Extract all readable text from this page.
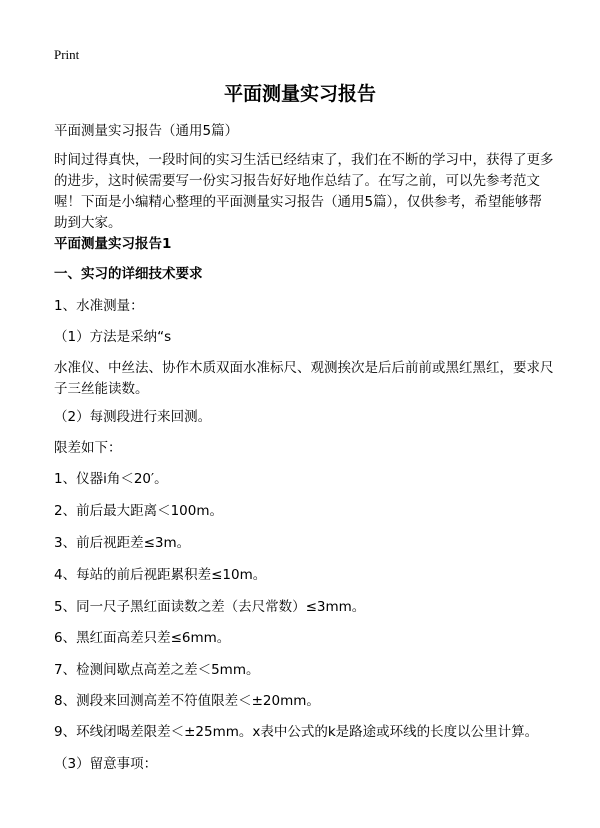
Print
平面测量实习报告
平面测量实习报告（通用5篇）
时间过得真快，一段时间的实习生活已经结束了，我们在不断的学习中，获得了更多的进步，这时候需要写一份实习报告好好地作总结了。在写之前，可以先参考范文喔！下面是小编精心整理的平面测量实习报告（通用5篇），仅供参考，希望能够帮助到大家。
平面测量实习报告1
一、实习的详细技术要求
1、水准测量：
（1）方法是采纳“s
水准仪、中丝法、协作木质双面水准标尺、观测挨次是后后前前或黑红黑红，要求尺子三丝能读数。
（2）每测段进行来回测。
限差如下：
1、仪器i角＜20′。
2、前后最大距离＜100m。
3、前后视距差≤3m。
4、每站的前后视距累积差≤10m。
5、同一尺子黑红面读数之差（去尺常数）≤3mm。
6、黑红面高差只差≤6mm。
7、检测间歇点高差之差＜5mm。
8、测段来回测高差不符值限差＜±20mm。
9、环线闭喝差限差＜±25mm。x表中公式的k是路途或环线的长度以公里计算。
（3）留意事项：
